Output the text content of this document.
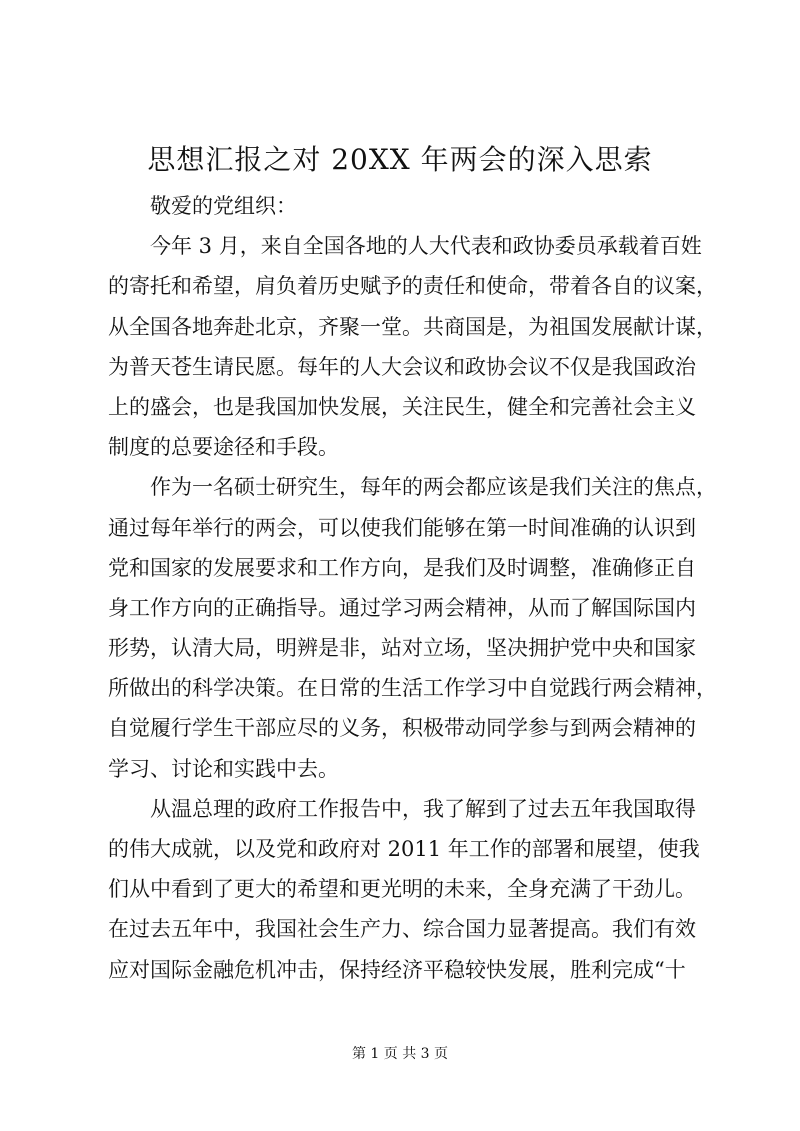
思想汇报之对 20XX 年两会的深入思索
敬爱的党组织：
今年 3 月，来自全国各地的人大代表和政协委员承载着百姓
的寄托和希望，肩负着历史赋予的责任和使命，带着各自的议案，
从全国各地奔赴北京，齐聚一堂。共商国是，为祖国发展献计谋，
为普天苍生请民愿。每年的人大会议和政协会议不仅是我国政治
上的盛会，也是我国加快发展，关注民生，健全和完善社会主义
制度的总要途径和手段。
作为一名硕士研究生，每年的两会都应该是我们关注的焦点，
通过每年举行的两会，可以使我们能够在第一时间准确的认识到
党和国家的发展要求和工作方向，是我们及时调整，准确修正自
身工作方向的正确指导。通过学习两会精神，从而了解国际国内
形势，认清大局，明辨是非，站对立场，坚决拥护党中央和国家
所做出的科学决策。在日常的生活工作学习中自觉践行两会精神，
自觉履行学生干部应尽的义务，积极带动同学参与到两会精神的
学习、讨论和实践中去。
从温总理的政府工作报告中，我了解到了过去五年我国取得
的伟大成就，以及党和政府对 2011 年工作的部署和展望，使我
们从中看到了更大的希望和更光明的未来，全身充满了干劲儿。
在过去五年中，我国社会生产力、综合国力显著提高。我们有效
应对国际金融危机冲击，保持经济平稳较快发展，胜利完成“十
第 1 页 共 3 页
